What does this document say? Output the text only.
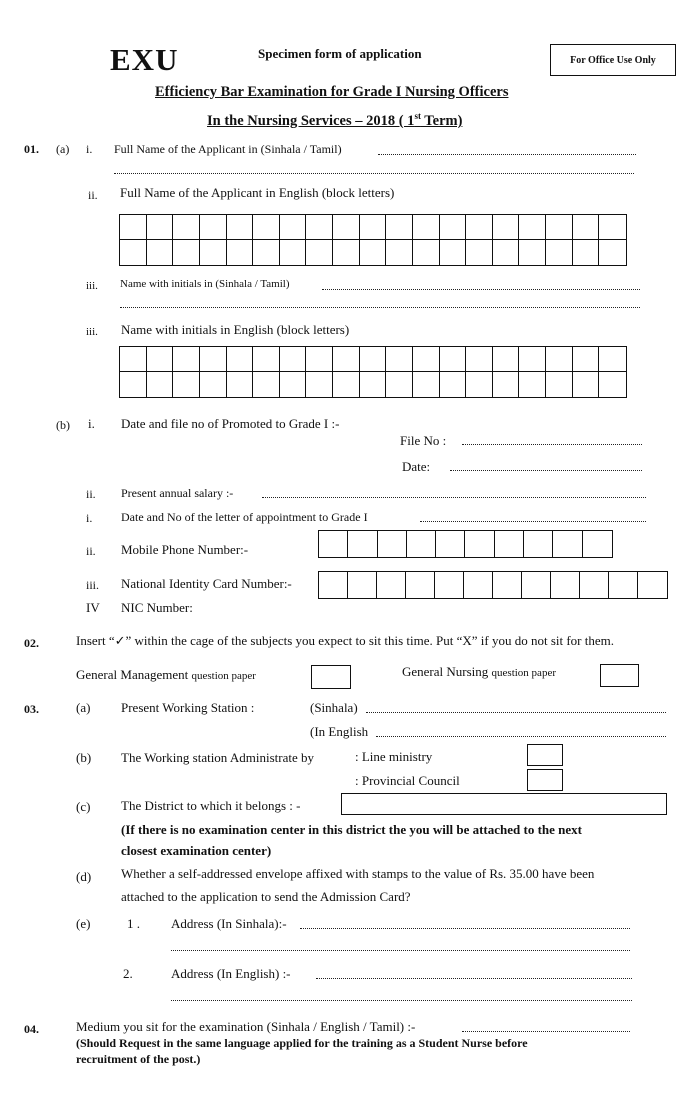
EXU	Specimen form of application	For Office Use Only
Efficiency Bar Examination for Grade I Nursing Officers
In the Nursing Services – 2018 ( 1st Term)
01. (a) i. Full Name of the Applicant in (Sinhala / Tamil)
ii. Full Name of the Applicant in English (block letters)
iii. Name with initials in (Sinhala / Tamil)
iii. Name with initials in English (block letters)
(b) i. Date and file no of Promoted to Grade I :-
File No :
Date:
ii. Present annual salary :-
i. Date and No of the letter of appointment to Grade I
ii. Mobile Phone Number:-
iii. National Identity Card Number:-
IV NIC Number:
02.	Insert “✓” within the cage of the subjects you expect to sit this time. Put “X” if you do not sit for them.
General Management question paper	General Nursing question paper
03.	(a) Present Working Station :	(Sinhala)
(In English
(b) The Working station Administrate by	: Line ministry
: Provincial Council
(c) The District to which it belongs : -
(If there is no examination center in this district the you will be attached to the next
closest examination center)
(d) Whether a self-addressed envelope affixed with stamps to the value of Rs. 35.00 have been
attached to the application to send the Admission Card?
(e)	1 . Address (In Sinhala):-
2.	Address (In English) :-
04.	Medium you sit for the examination (Sinhala / English / Tamil) :-
(Should Request in the same language applied for the training as a Student Nurse before
recruitment of the post.)
